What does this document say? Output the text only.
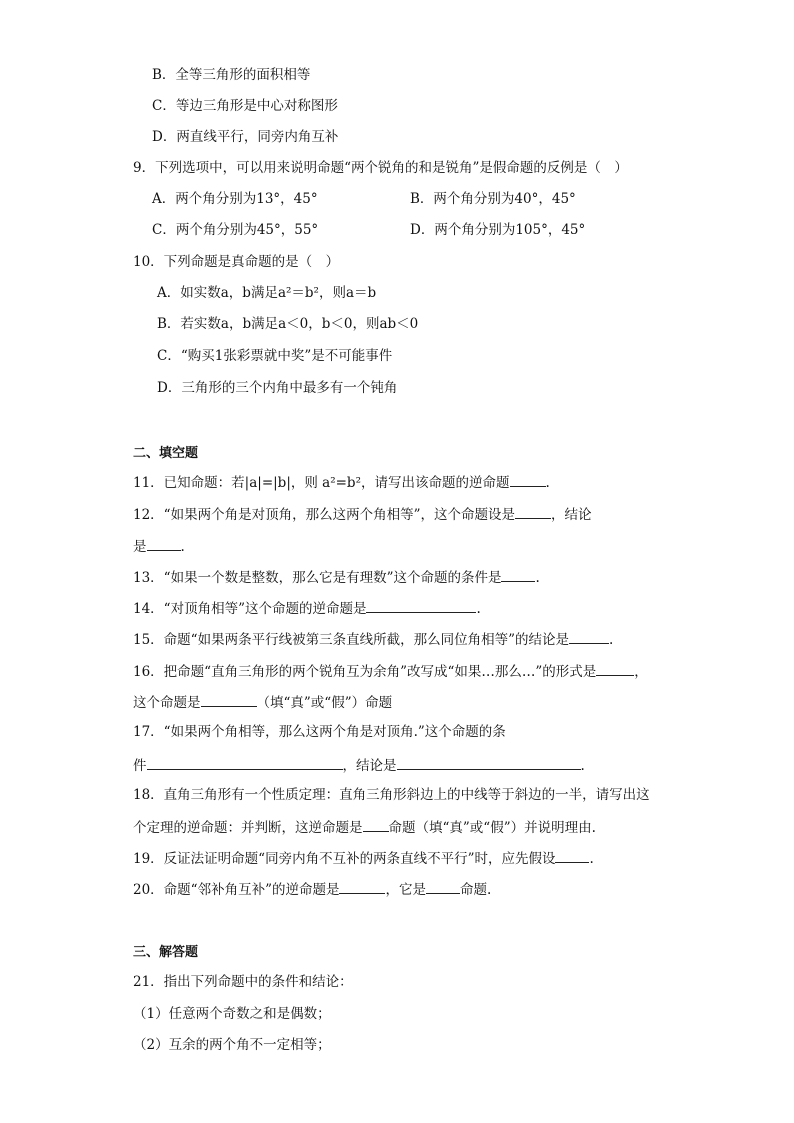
B．全等三角形的面积相等
C．等边三角形是中心对称图形
D．两直线平行，同旁内角互补
9．下列选项中，可以用来说明命题“两个锐角的和是锐角”是假命题的反例是（　）
A．两个角分别为13°，45°	B．两个角分别为40°，45°
C．两个角分别为45°，55°	D．两个角分别为105°，45°
10．下列命题是真命题的是（　）
A．如实数a，b满足a²＝b²，则a＝b
B．若实数a，b满足a＜0，b＜0，则ab＜0
C．“购买1张彩票就中奖”是不可能事件
D．三角形的三个内角中最多有一个钝角
二、填空题
11．已知命题：若|a|=|b|，则 a²=b²，请写出该命题的逆命题	.
12．“如果两个角是对顶角，那么这两个角相等”，这个命题设是	，结论
是	.
13．“如果一个数是整数，那么它是有理数”这个命题的条件是	.
14．“对顶角相等”这个命题的逆命题是	.
15．命题“如果两条平行线被第三条直线所截，那么同位角相等”的结论是	.
16．把命题“直角三角形的两个锐角互为余角”改写成“如果…那么…”的形式是	，
这个命题是	（填“真”或“假”）命题
17．“如果两个角相等，那么这两个角是对顶角.”这个命题的条
件	，结论是	.
18．直角三角形有一个性质定理：直角三角形斜边上的中线等于斜边的一半，请写出这
个定理的逆命题：并判断，这逆命题是 命题（填“真”或“假”）并说明理由.
19．反证法证明命题“同旁内角不互补的两条直线不平行”时，应先假设	.
20．命题“邻补角互补”的逆命题是	，它是	命题.
三、解答题
21．指出下列命题中的条件和结论：
（1）任意两个奇数之和是偶数；
（2）互余的两个角不一定相等；
